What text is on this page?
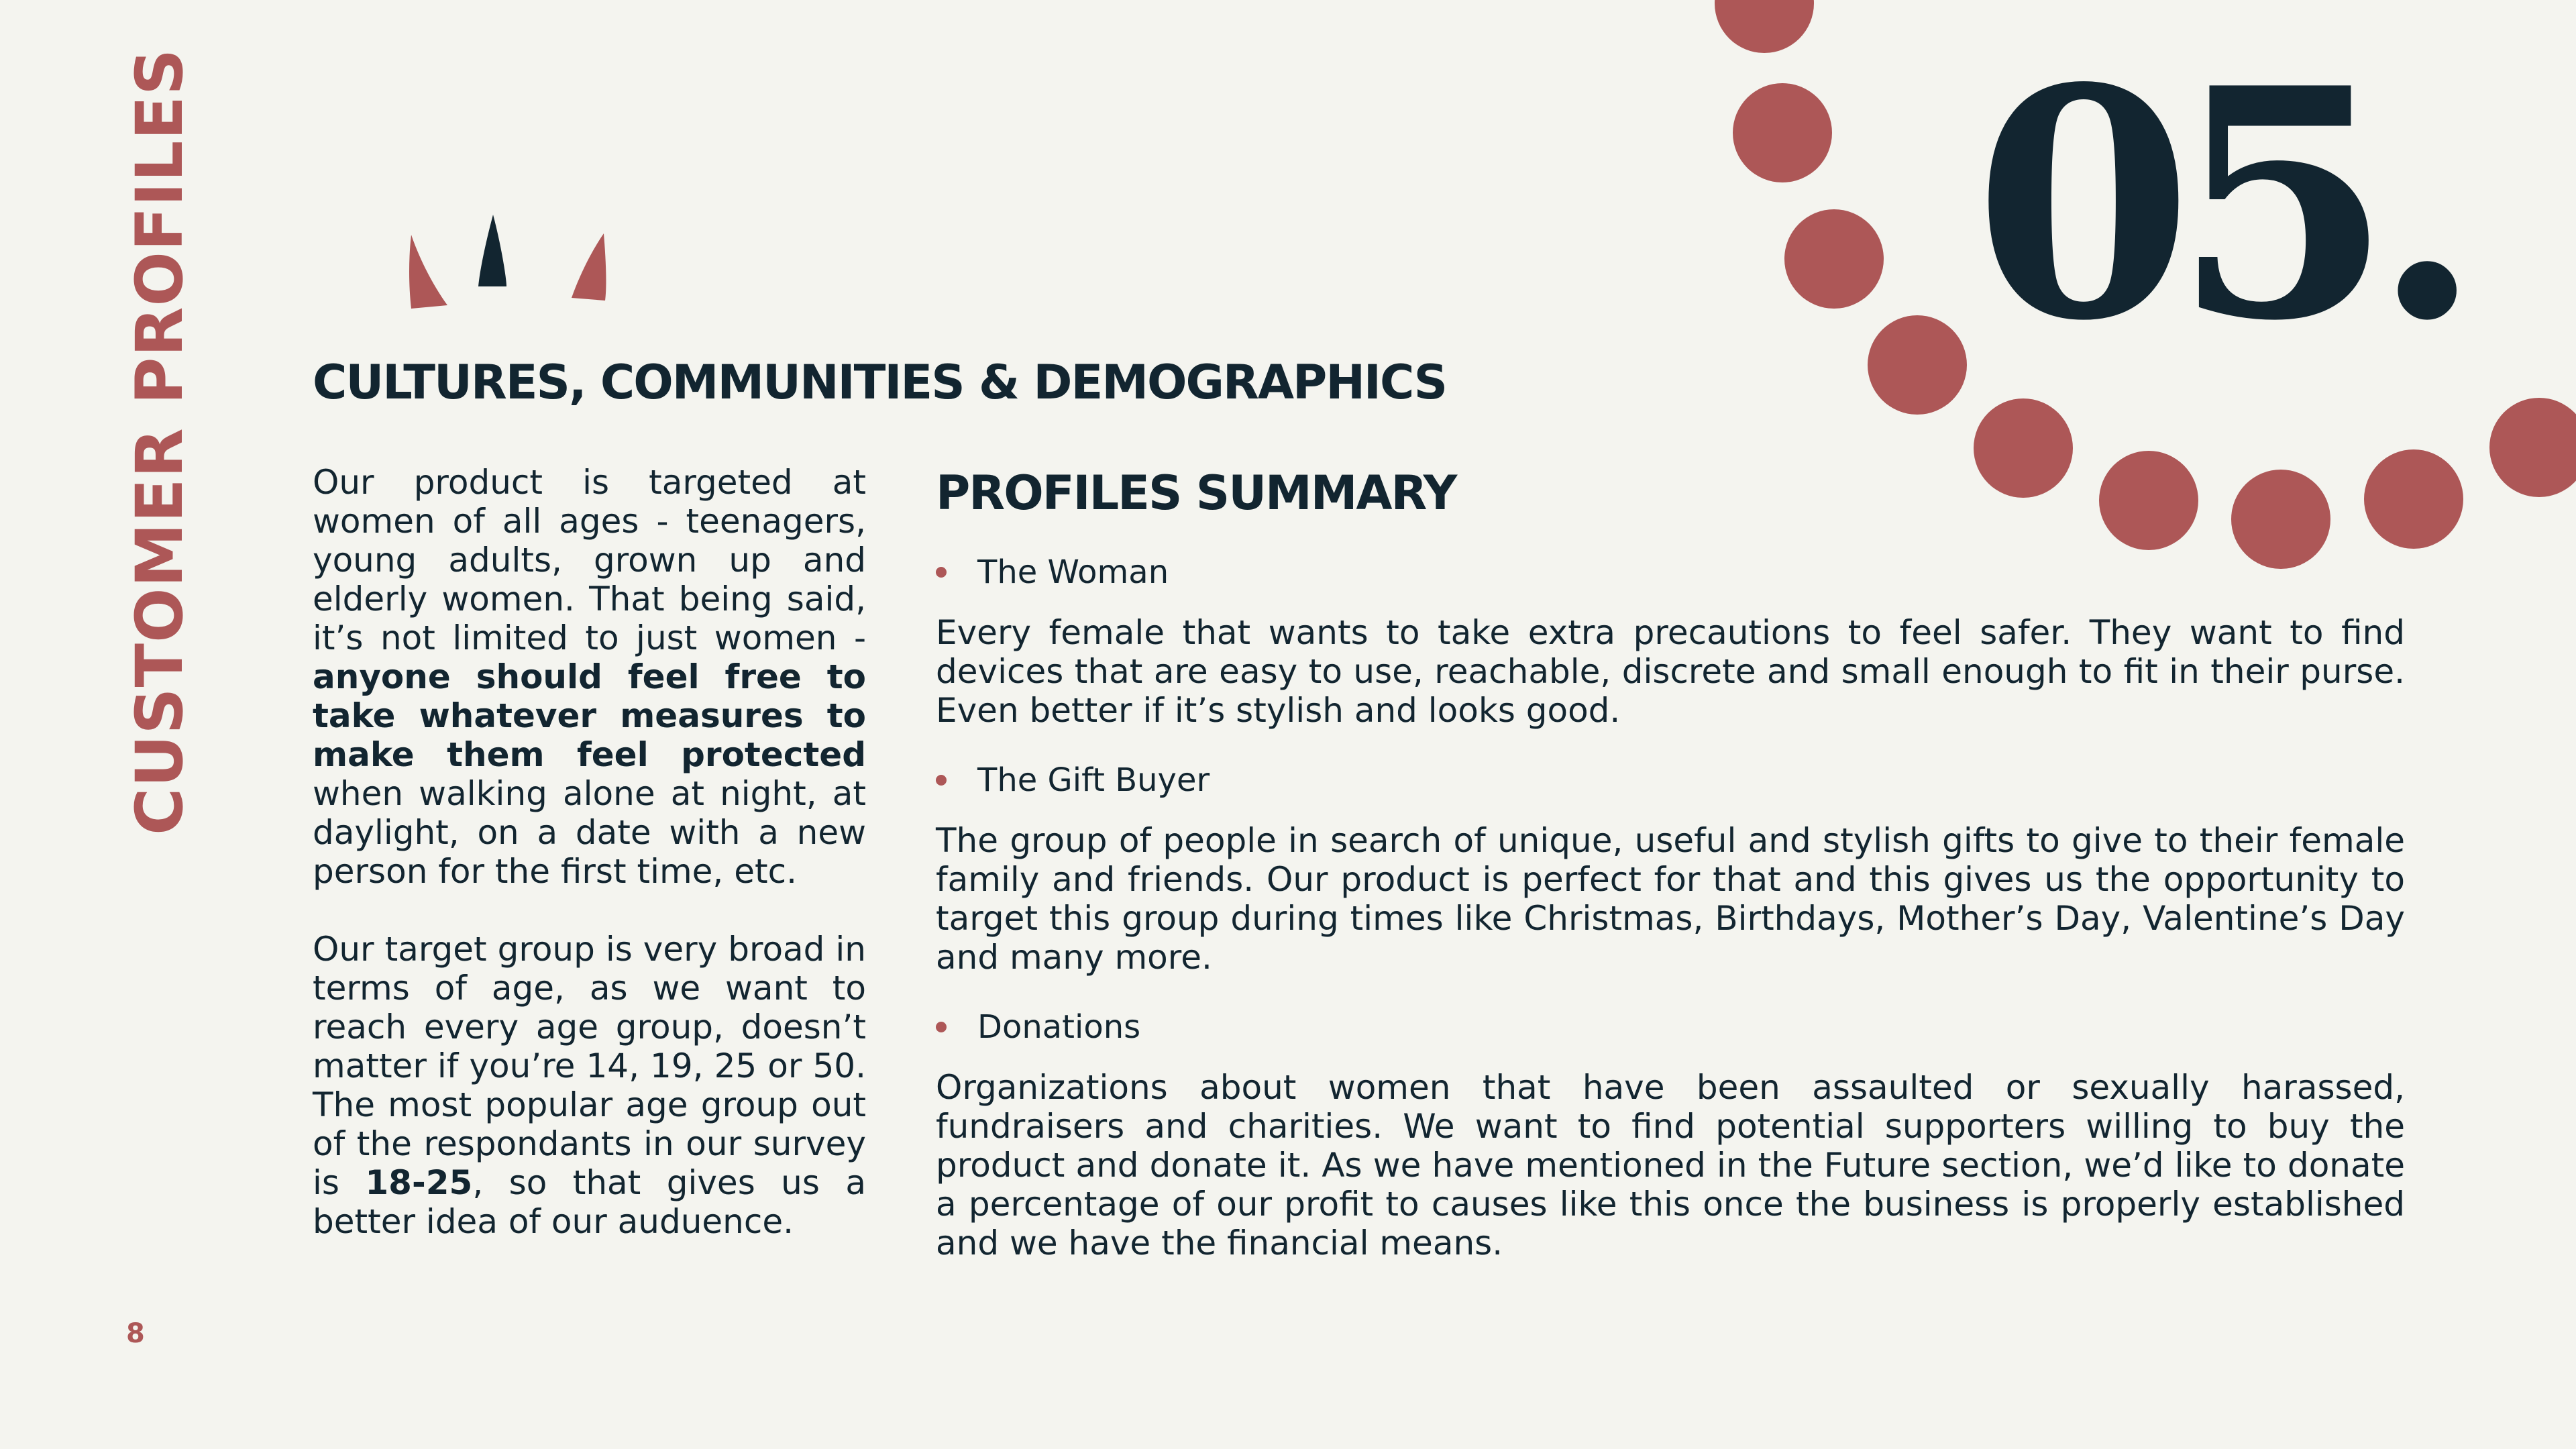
CUSTOMER PROFILES	05.
CULTURES, COMMUNITIES & DEMOGRAPHICS

Our product is targeted at women of all ages - teenagers, young adults, grown up and elderly women. That being said, it’s not limited to just women - anyone should feel free to take whatever measures to make them feel protected when walking alone at night, at daylight, on a date with a new person for the first time, etc.

Our target group is very broad in terms of age, as we want to reach every age group, doesn’t matter if you’re 14, 19, 25 or 50. The most popular age group out of the respondants in our survey is 18-25, so that gives us a better idea of our auduence.

PROFILES SUMMARY
The Woman

Every female that wants to take extra precautions to feel safer. They want to find devices that are easy to use, reachable, discrete and small enough to fit in their purse. Even better if it’s stylish and looks good.

The Gift Buyer

The group of people in search of unique, useful and stylish gifts to give to their female family and friends. Our product is perfect for that and this gives us the opportunity to target this group during times like Christmas, Birthdays, Mother’s Day, Valentine’s Day and many more.

Donations

Organizations about women that have been assaulted or sexually harassed, fundraisers and charities. We want to find potential supporters willing to buy the product and donate it. As we have mentioned in the Future section, we’d like to donate a percentage of our profit to causes like this once the business is properly established and we have the financial means.

8
